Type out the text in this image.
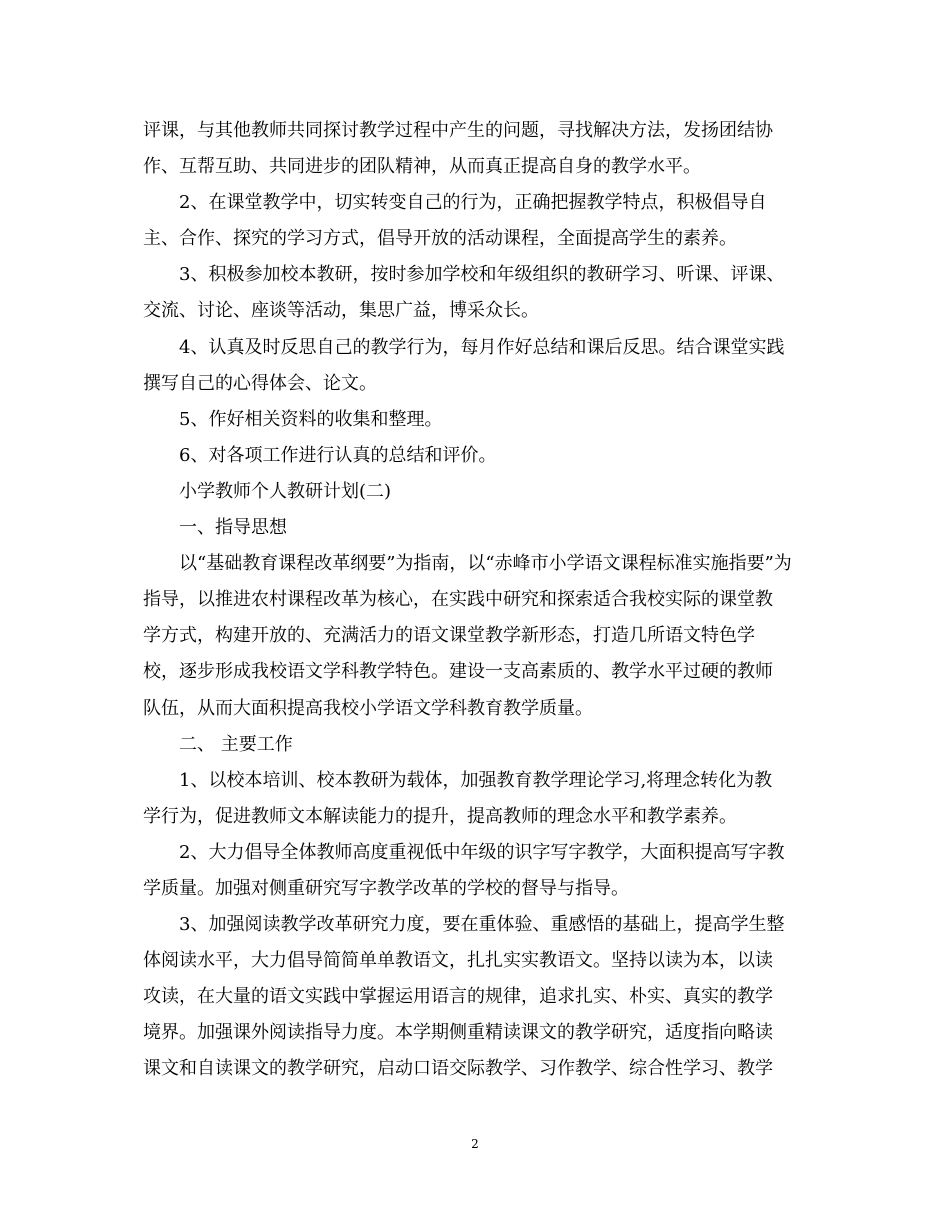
评课，与其他教师共同探讨教学过程中产生的问题，寻找解决方法，发扬团结协
作、互帮互助、共同进步的团队精神，从而真正提高自身的教学水平。
2、在课堂教学中，切实转变自己的行为，正确把握教学特点，积极倡导自
主、合作、探究的学习方式，倡导开放的活动课程，全面提高学生的素养。
3、积极参加校本教研，按时参加学校和年级组织的教研学习、听课、评课、
交流、讨论、座谈等活动，集思广益，博采众长。
4、认真及时反思自己的教学行为，每月作好总结和课后反思。结合课堂实践
撰写自己的心得体会、论文。
5、作好相关资料的收集和整理。
6、对各项工作进行认真的总结和评价。
小学教师个人教研计划(二)
一、指导思想
以“基础教育课程改革纲要”为指南，以“赤峰市小学语文课程标准实施指要”为
指导，以推进农村课程改革为核心，在实践中研究和探索适合我校实际的课堂教
学方式，构建开放的、充满活力的语文课堂教学新形态，打造几所语文特色学
校，逐步形成我校语文学科教学特色。建设一支高素质的、教学水平过硬的教师
队伍，从而大面积提高我校小学语文学科教育教学质量。
二、 主要工作
1、以校本培训、校本教研为载体，加强教育教学理论学习,将理念转化为教
学行为，促进教师文本解读能力的提升，提高教师的理念水平和教学素养。
2、大力倡导全体教师高度重视低中年级的识字写字教学，大面积提高写字教
学质量。加强对侧重研究写字教学改革的学校的督导与指导。
3、加强阅读教学改革研究力度，要在重体验、重感悟的基础上，提高学生整
体阅读水平，大力倡导简简单单教语文，扎扎实实教语文。坚持以读为本，以读
攻读，在大量的语文实践中掌握运用语言的规律，追求扎实、朴实、真实的教学
境界。加强课外阅读指导力度。本学期侧重精读课文的教学研究，适度指向略读
课文和自读课文的教学研究，启动口语交际教学、习作教学、综合性学习、教学
2
